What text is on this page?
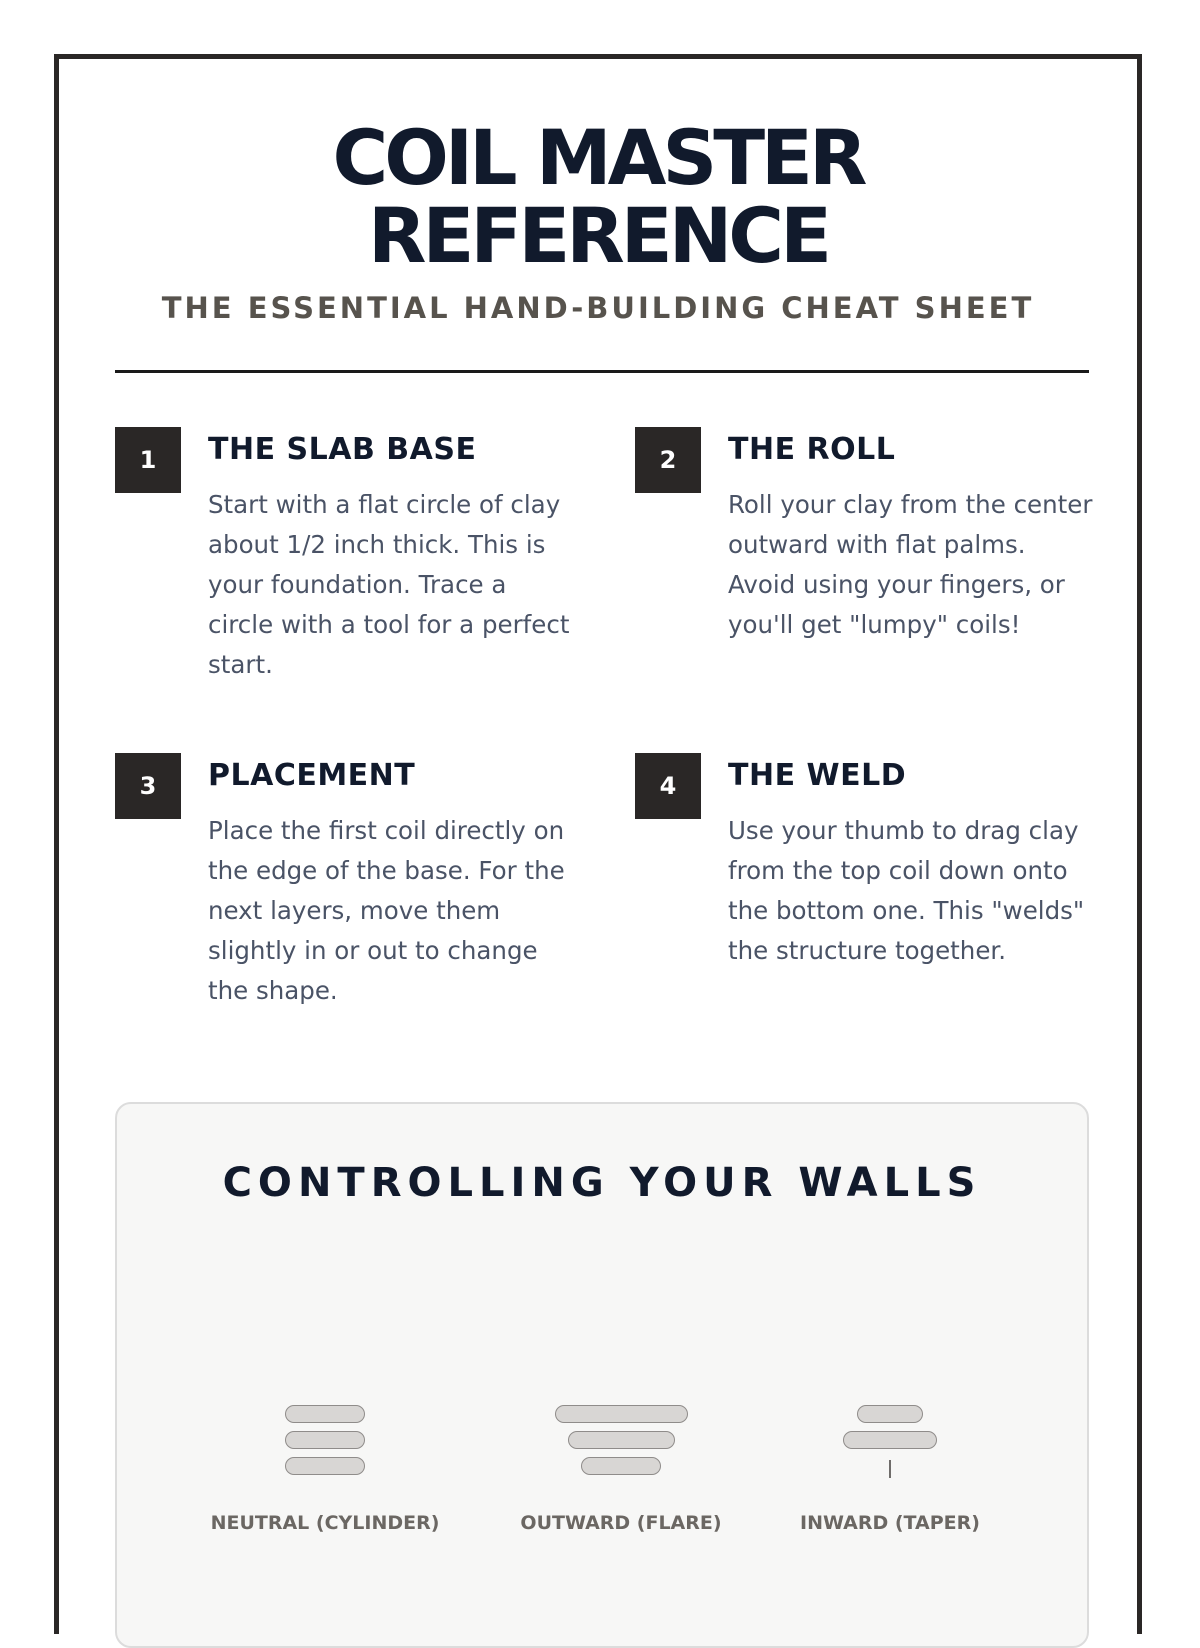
COIL MASTER
REFERENCE
THE ESSENTIAL HAND-BUILDING CHEAT SHEET
1	THE SLAB BASE
Start with a flat circle of clay about 1/2 inch thick. This is your foundation. Trace a circle with a tool for a perfect start.
2	THE ROLL
Roll your clay from the center outward with flat palms. Avoid using your fingers, or you'll get "lumpy" coils!
3	PLACEMENT
Place the first coil directly on the edge of the base. For the next layers, move them slightly in or out to change the shape.
4	THE WELD
Use your thumb to drag clay from the top coil down onto the bottom one. This "welds" the structure together.
CONTROLLING YOUR WALLS
NEUTRAL (CYLINDER)	OUTWARD (FLARE)	INWARD (TAPER)
